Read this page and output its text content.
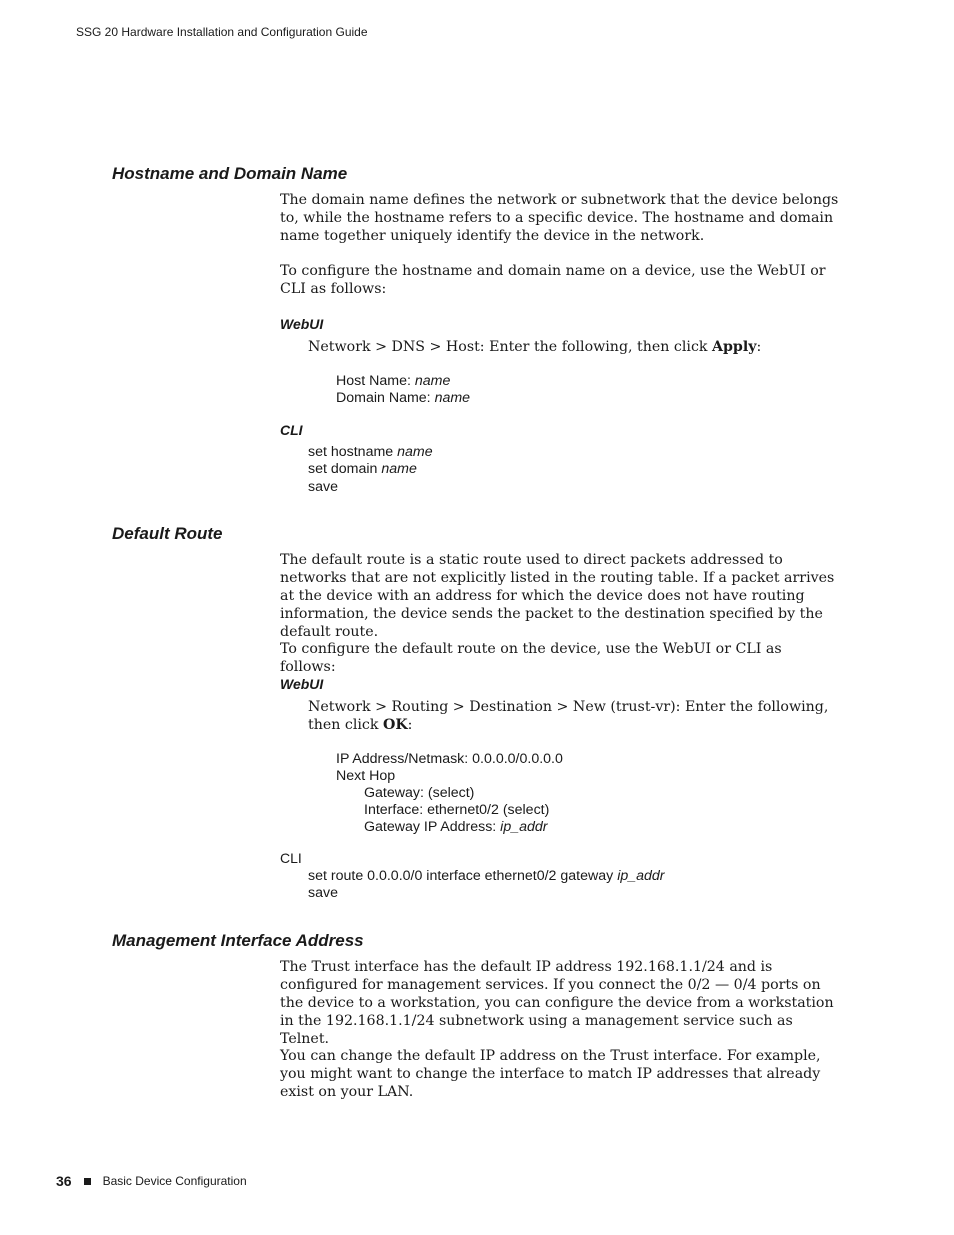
SSG 20 Hardware Installation and Configuration Guide
Hostname and Domain Name
The domain name defines the network or subnetwork that the device belongs to, while the hostname refers to a specific device. The hostname and domain name together uniquely identify the device in the network.
To configure the hostname and domain name on a device, use the WebUI or CLI as follows:
WebUI
Network > DNS > Host: Enter the following, then click Apply:
Host Name: name
Domain Name: name
CLI
set hostname name
set domain name
save
Default Route
The default route is a static route used to direct packets addressed to networks that are not explicitly listed in the routing table. If a packet arrives at the device with an address for which the device does not have routing information, the device sends the packet to the destination specified by the default route.
To configure the default route on the device, use the WebUI or CLI as follows:
WebUI
Network > Routing > Destination > New (trust-vr): Enter the following, then click OK:
IP Address/Netmask: 0.0.0.0/0.0.0.0
Next Hop
Gateway: (select)
Interface: ethernet0/2 (select)
Gateway IP Address: ip_addr
CLI
set route 0.0.0.0/0 interface ethernet0/2 gateway ip_addr
save
Management Interface Address
The Trust interface has the default IP address 192.168.1.1/24 and is configured for management services. If you connect the 0/2 — 0/4 ports on the device to a workstation, you can configure the device from a workstation in the 192.168.1.1/24 subnetwork using a management service such as Telnet.
You can change the default IP address on the Trust interface. For example, you might want to change the interface to match IP addresses that already exist on your LAN.
36	Basic Device Configuration
